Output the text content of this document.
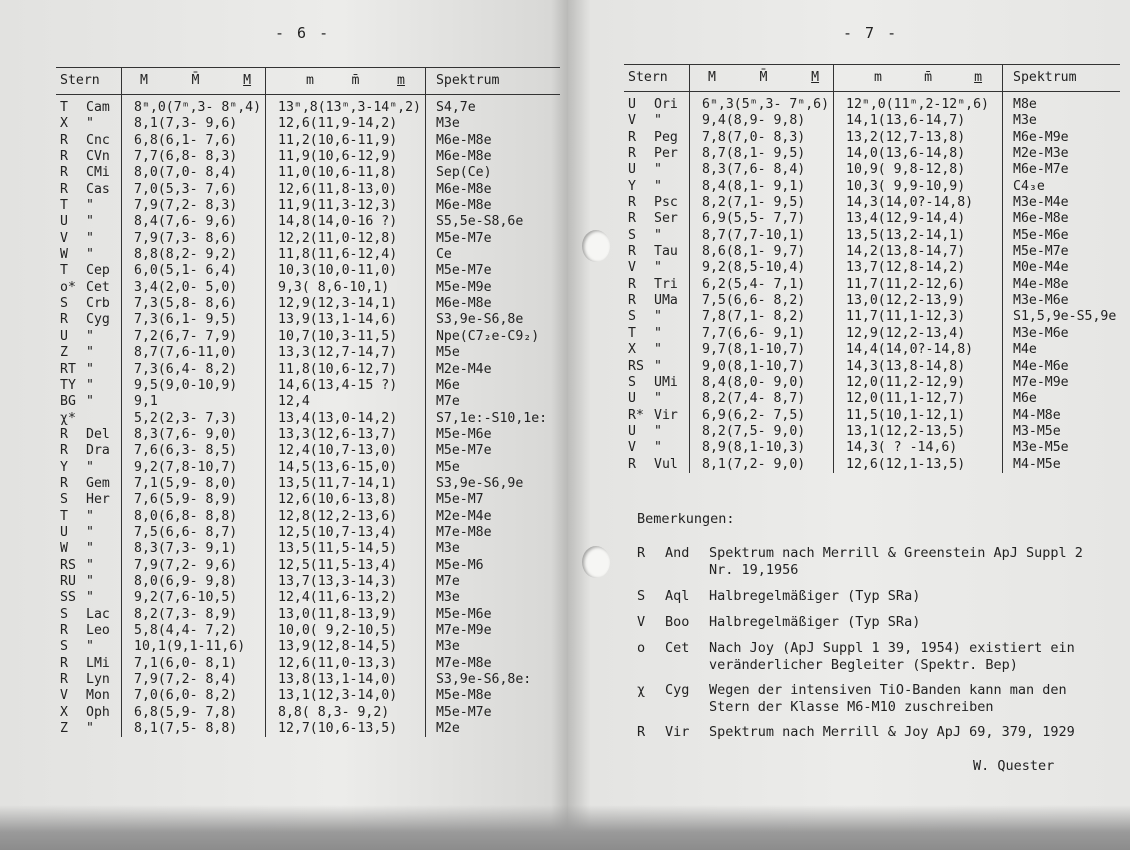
- 6 -
Stern	M M̄ M	m m̄ m	Spektrum
T Cam	8ᵐ,0(7ᵐ,3- 8ᵐ,4)	13ᵐ,8(13ᵐ,3-14ᵐ,2)	S4,7e
X "	8,1(7,3- 9,6)	12,6(11,9-14,2)	M3e
R Cnc	6,8(6,1- 7,6)	11,2(10,6-11,9)	M6e-M8e
R CVn	7,7(6,8- 8,3)	11,9(10,6-12,9)	M6e-M8e
R CMi	8,0(7,0- 8,4)	11,0(10,6-11,8)	Sep(Ce)
R Cas	7,0(5,3- 7,6)	12,6(11,8-13,0)	M6e-M8e
T "	7,9(7,2- 8,3)	11,9(11,3-12,3)	M6e-M8e
U "	8,4(7,6- 9,6)	14,8(14,0-16 ?)	S5,5e-S8,6e
V "	7,9(7,3- 8,6)	12,2(11,0-12,8)	M5e-M7e
W "	8,8(8,2- 9,2)	11,8(11,6-12,4)	Ce
T Cep	6,0(5,1- 6,4)	10,3(10,0-11,0)	M5e-M7e
o* Cet	3,4(2,0- 5,0)	9,3( 8,6-10,1)	M5e-M9e
S Crb	7,3(5,8- 8,6)	12,9(12,3-14,1)	M6e-M8e
R Cyg	7,3(6,1- 9,5)	13,9(13,1-14,6)	S3,9e-S6,8e
U "	7,2(6,7- 7,9)	10,7(10,3-11,5)	Npe(C7₂e-C9₂)
Z "	8,7(7,6-11,0)	13,3(12,7-14,7)	M5e
RT "	7,3(6,4- 8,2)	11,8(10,6-12,7)	M2e-M4e
TY "	9,5(9,0-10,9)	14,6(13,4-15 ?)	M6e
BG "	9,1	12,4	M7e
χ*	5,2(2,3- 7,3)	13,4(13,0-14,2)	S7,1e:-S10,1e:
R Del	8,3(7,6- 9,0)	13,3(12,6-13,7)	M5e-M6e
R Dra	7,6(6,3- 8,5)	12,4(10,7-13,0)	M5e-M7e
Y "	9,2(7,8-10,7)	14,5(13,6-15,0)	M5e
R Gem	7,1(5,9- 8,0)	13,5(11,7-14,1)	S3,9e-S6,9e
S Her	7,6(5,9- 8,9)	12,6(10,6-13,8)	M5e-M7
T "	8,0(6,8- 8,8)	12,8(12,2-13,6)	M2e-M4e
U "	7,5(6,6- 8,7)	12,5(10,7-13,4)	M7e-M8e
W "	8,3(7,3- 9,1)	13,5(11,5-14,5)	M3e
RS "	7,9(7,2- 9,6)	12,5(11,5-13,4)	M5e-M6
RU "	8,0(6,9- 9,8)	13,7(13,3-14,3)	M7e
SS "	9,2(7,6-10,5)	12,4(11,6-13,2)	M3e
S Lac	8,2(7,3- 8,9)	13,0(11,8-13,9)	M5e-M6e
R Leo	5,8(4,4- 7,2)	10,0( 9,2-10,5)	M7e-M9e
S "	10,1(9,1-11,6)	13,9(12,8-14,5)	M3e
R LMi	7,1(6,0- 8,1)	12,6(11,0-13,3)	M7e-M8e
R Lyn	7,9(7,2- 8,4)	13,8(13,1-14,0)	S3,9e-S6,8e:
V Mon	7,0(6,0- 8,2)	13,1(12,3-14,0)	M5e-M8e
X Oph	6,8(5,9- 7,8)	8,8( 8,3- 9,2)	M5e-M7e
Z "	8,1(7,5- 8,8)	12,7(10,6-13,5)	M2e
- 7 -
Stern	M M̄ M	m m̄ m	Spektrum
U Ori	6ᵐ,3(5ᵐ,3- 7ᵐ,6)	12ᵐ,0(11ᵐ,2-12ᵐ,6)	M8e
V "	9,4(8,9- 9,8)	14,1(13,6-14,7)	M3e
R Peg	7,8(7,0- 8,3)	13,2(12,7-13,8)	M6e-M9e
R Per	8,7(8,1- 9,5)	14,0(13,6-14,8)	M2e-M3e
U "	8,3(7,6- 8,4)	10,9( 9,8-12,8)	M6e-M7e
Y "	8,4(8,1- 9,1)	10,3( 9,9-10,9)	C4₃e
R Psc	8,2(7,1- 9,5)	14,3(14,0?-14,8)	M3e-M4e
R Ser	6,9(5,5- 7,7)	13,4(12,9-14,4)	M6e-M8e
S "	8,7(7,7-10,1)	13,5(13,2-14,1)	M5e-M6e
R Tau	8,6(8,1- 9,7)	14,2(13,8-14,7)	M5e-M7e
V "	9,2(8,5-10,4)	13,7(12,8-14,2)	M0e-M4e
R Tri	6,2(5,4- 7,1)	11,7(11,2-12,6)	M4e-M8e
R UMa	7,5(6,6- 8,2)	13,0(12,2-13,9)	M3e-M6e
S "	7,8(7,1- 8,2)	11,7(11,1-12,3)	S1,5,9e-S5,9e
T "	7,7(6,6- 9,1)	12,9(12,2-13,4)	M3e-M6e
X "	9,7(8,1-10,7)	14,4(14,0?-14,8)	M4e
RS "	9,0(8,1-10,7)	14,3(13,8-14,8)	M4e-M6e
S UMi	8,4(8,0- 9,0)	12,0(11,2-12,9)	M7e-M9e
U "	8,2(7,4- 8,7)	12,0(11,1-12,7)	M6e
R* Vir	6,9(6,2- 7,5)	11,5(10,1-12,1)	M4-M8e
U "	8,2(7,5- 9,0)	13,1(12,2-13,5)	M3-M5e
V "	8,9(8,1-10,3)	14,3( ? -14,6)	M3e-M5e
R Vul	8,1(7,2- 9,0)	12,6(12,1-13,5)	M4-M5e
Bemerkungen:
R And Spektrum nach Merrill & Greenstein ApJ Suppl 2 Nr. 19,1956
S Aql Halbregelmäßiger (Typ SRa)
V Boo Halbregelmäßiger (Typ SRa)
o Cet Nach Joy (ApJ Suppl 1 39, 1954) existiert ein veränderlicher Begleiter (Spektr. Bep)
χ Cyg Wegen der intensiven TiO-Banden kann man den Stern der Klasse M6-M10 zuschreiben
R Vir Spektrum nach Merrill & Joy ApJ 69, 379, 1929
W. Quester
